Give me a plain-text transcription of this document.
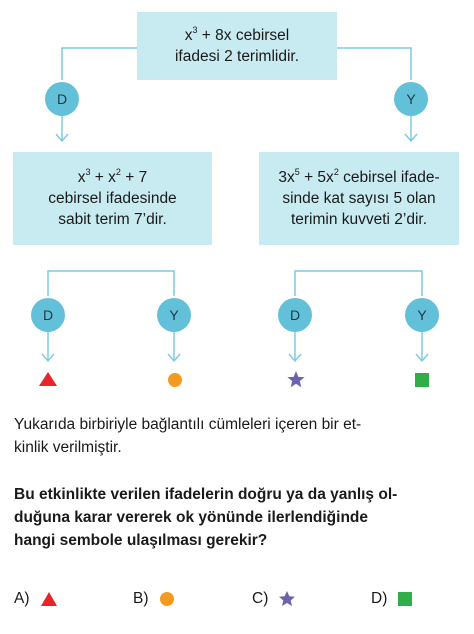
$x^3 + 8x$ cebirsel
ifadesi 2 terimlidir.
D	Y
$x^3 + x^2 + 7$
cebirsel ifadesinde
sabit terim 7’dir.
$3x^5 + 5x^2$ cebirsel ifade-
sinde kat sayısı 5 olan
terimin kuvveti 2’dir.
D	Y	D	Y
Yukarıda birbiriyle bağlantılı cümleleri içeren bir et-
kinlik verilmiştir.
Bu etkinlikte verilen ifadelerin doğru ya da yanlış ol-
duğuna karar vererek ok yönünde ilerlendiğinde
hangi sembole ulaşılması gerekir?
A)	B)	C)	D)
